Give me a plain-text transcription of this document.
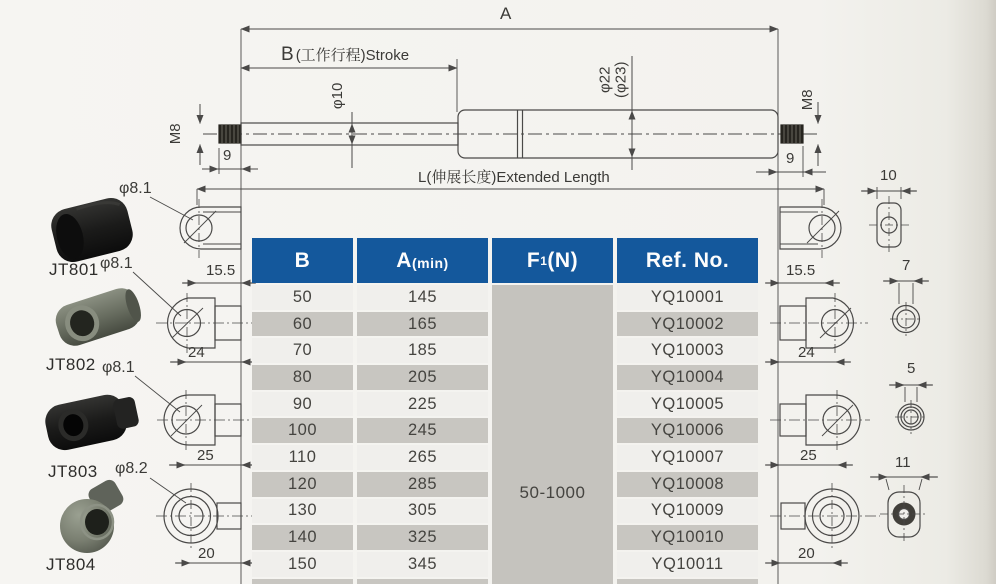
A
B (工作行程)Stroke
φ10
φ22
(φ23)
M8
M8
9	9
L(伸展长度)Extended Length
15.5	15.5
φ8.1
JT801 φ8.1
JT802 φ8.1
JT803 φ8.2
JT804
24
25
20
24
25
20
10
7
5
11
B
50
60
70
80
90
100
110
120
130
140
150
A (min)
145
165
185
205
225
245
265
285
305
325
345
F 1 (N)
50-1000
Ref. No.
YQ10001
YQ10002
YQ10003
YQ10004
YQ10005
YQ10006
YQ10007
YQ10008
YQ10009
YQ10010
YQ10011
